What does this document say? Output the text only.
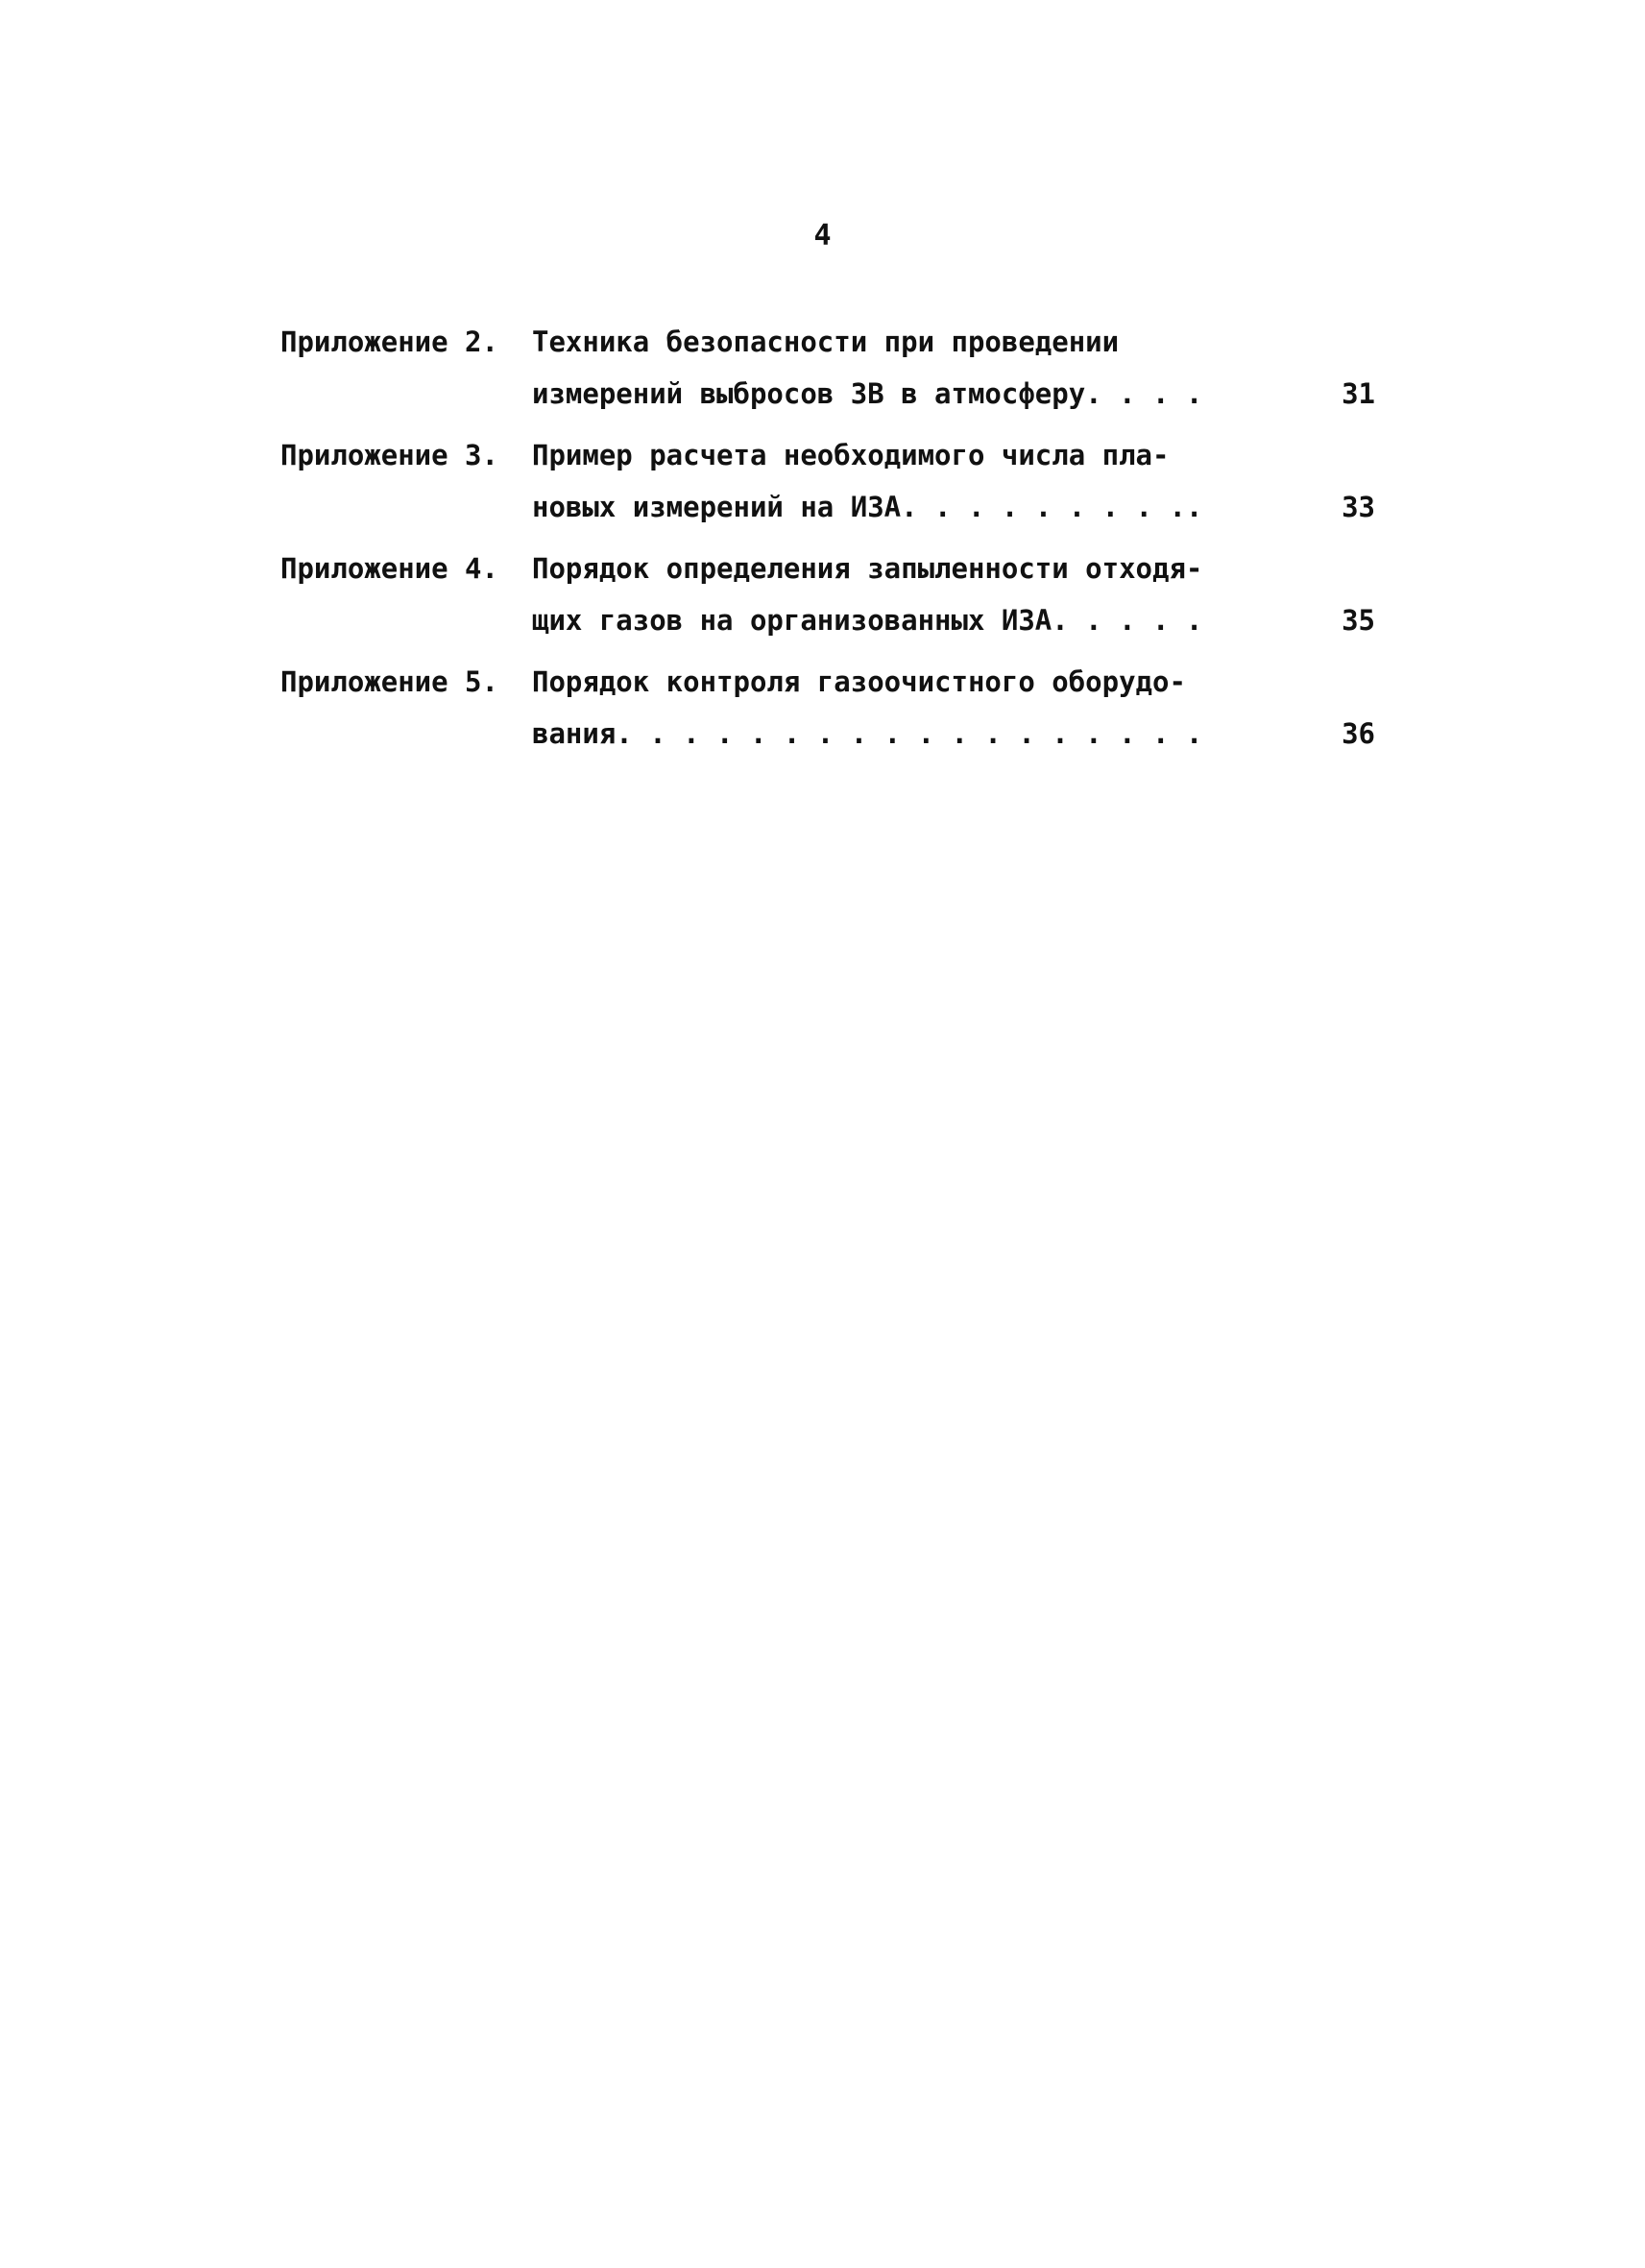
4
Приложение 2. Техника безопасности при проведении
измерений выбросов ЗВ в атмосферу. . . .	31
Приложение 3. Пример расчета необходимого числа пла-
новых измерений на ИЗА. . . . . . . . ..	33
Приложение 4. Порядок определения запыленности отходя-
щих газов на организованных ИЗА. . . . .	35
Приложение 5. Порядок контроля газоочистного оборудо-
вания. . . . . . . . . . . . . . . . . .	36
